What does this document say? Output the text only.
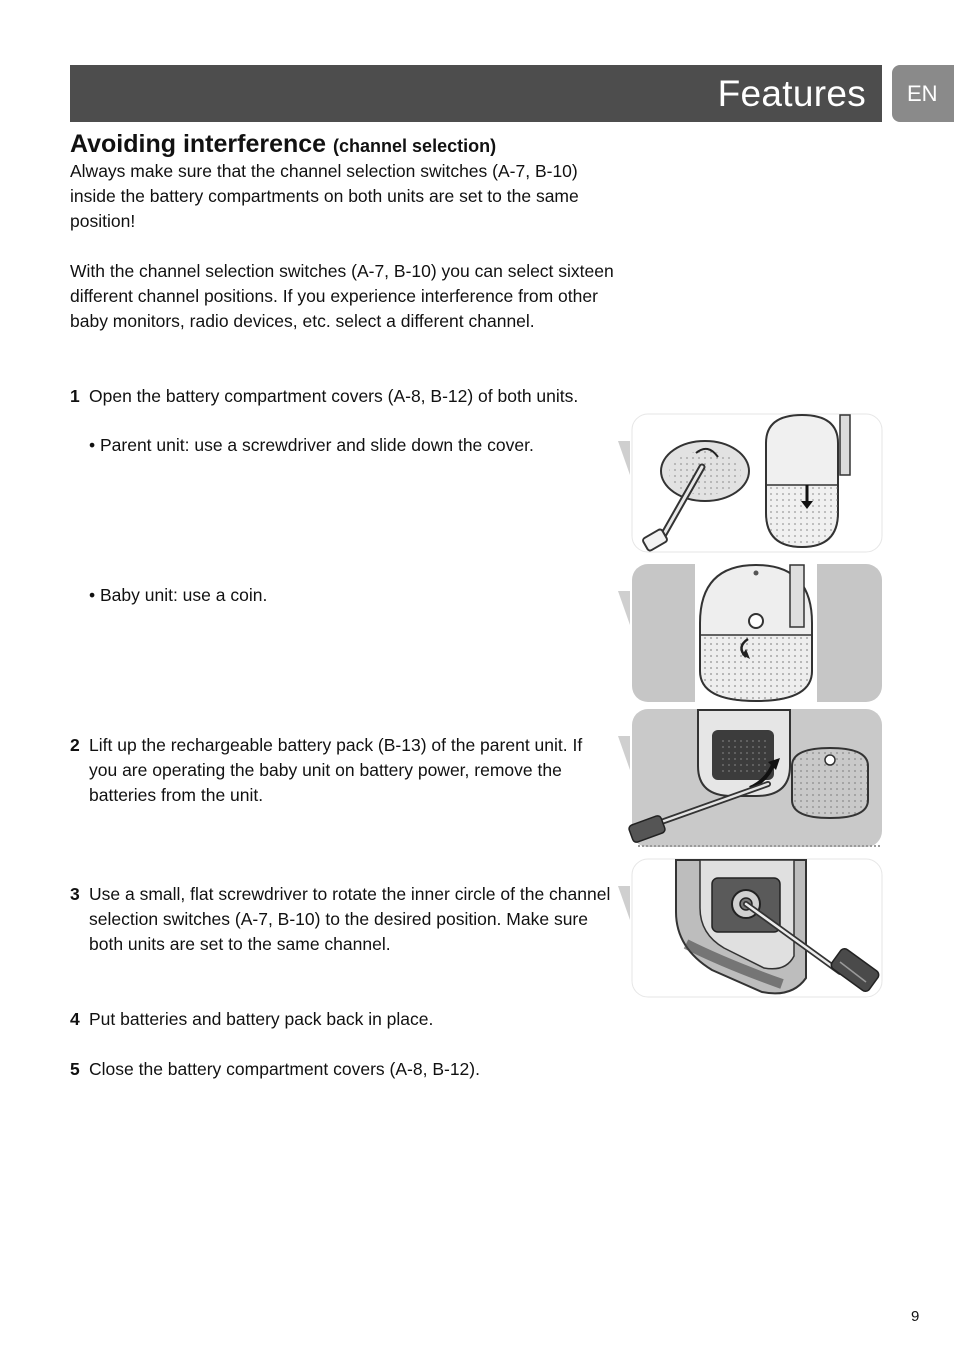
Features	EN
Avoiding interference (channel selection)

Always make sure that the channel selection switches (A-7, B-10) inside the battery compartments on both units are set to the same position!

With the channel selection switches (A-7, B-10) you can select sixteen different channel positions. If you experience interference from other baby monitors, radio devices, etc. select a different channel.

1 Open the battery compartment covers (A-8, B-12) of both units.

• Parent unit: use a screwdriver and slide down the cover.

• Baby unit: use a coin.

2 Lift up the rechargeable battery pack (B-13) of the parent unit. If you are operating the baby unit on battery power, remove the batteries from the unit.
3 Use a small, flat screwdriver to rotate the inner circle of the channel selection switches (A-7, B-10) to the desired position. Make sure both units are set to the same channel.
4 Put batteries and battery pack back in place.
5 Close the battery compartment covers (A-8, B-12).
9
